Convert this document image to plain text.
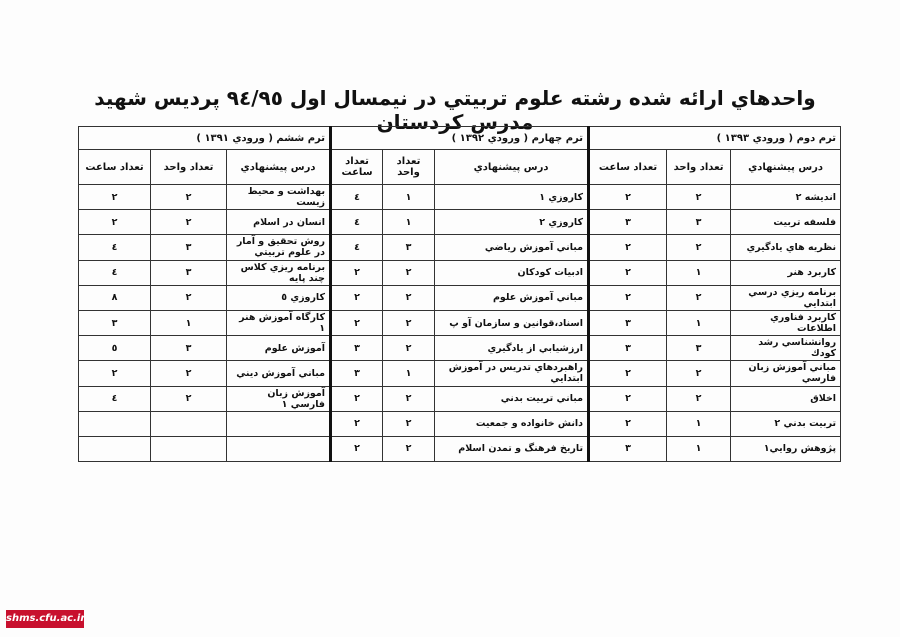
واحدهاي ارائه شده رشته علوم تربيتي در نيمسال اول ٩٤/٩٥ پرديس شهيد مدرس كردستان
ترم دوم ( ورودي ١٣٩٣ )			ترم چهارم ( ورودي ١٣٩٢ )			ترم ششم ( ورودي ١٣٩١ )		
درس پيشنهادي	تعداد واحد	تعداد ساعت	درس پيشنهادي	تعداد واحد	تعداد ساعت	درس پيشنهادي	تعداد واحد	تعداد ساعت
انديشه ٢	٢	٢	كاروزي ١	١	٤	بهداشت و محيط زيست	٢	٢
فلسفه تربيت	٣	٣	كاروزي ٢	١	٤	انسان در اسلام	٢	٢
نظريه هاي يادگيري	٢	٢	مباني آموزش رياضي	٣	٤	روش تحقيق و آمار در علوم تربيتي	٣	٤
كاربرد هنر	١	٢	ادبيات كودكان	٢	٢	برنامه ريزي كلاس چند پايه	٣	٤
برنامه ريزي درسي ابتدايي	٢	٢	مباني آموزش علوم	٢	٢	كاروزي ٥	٢	٨
كاربرد فناوري اطلاعات	١	٣	اسناد،قوانين و سازمان آو پ	٢	٢	كارگاه آموزش هنر ١	١	٣
روانشناسي رشد كودك	٣	٣	ارزشيابي از يادگيري	٢	٣	آموزش علوم	٣	٥
مباني آموزش زبان فارسي	٢	٢	راهبردهاي تدريس در آموزش ابتدايي	١	٣	مباني آموزش ديني	٢	٢
اخلاق	٢	٢	مباني تربيت بدني	٢	٢	آموزش زبان فارسي ١	٢	٤
تربيت بدني ٢	١	٢	دانش خانواده و جمعيت	٢	٢			
پژوهش روايي١	١	٣	تاريخ فرهنگ و تمدن اسلام	٢	٢			
shms.cfu.ac.ir
